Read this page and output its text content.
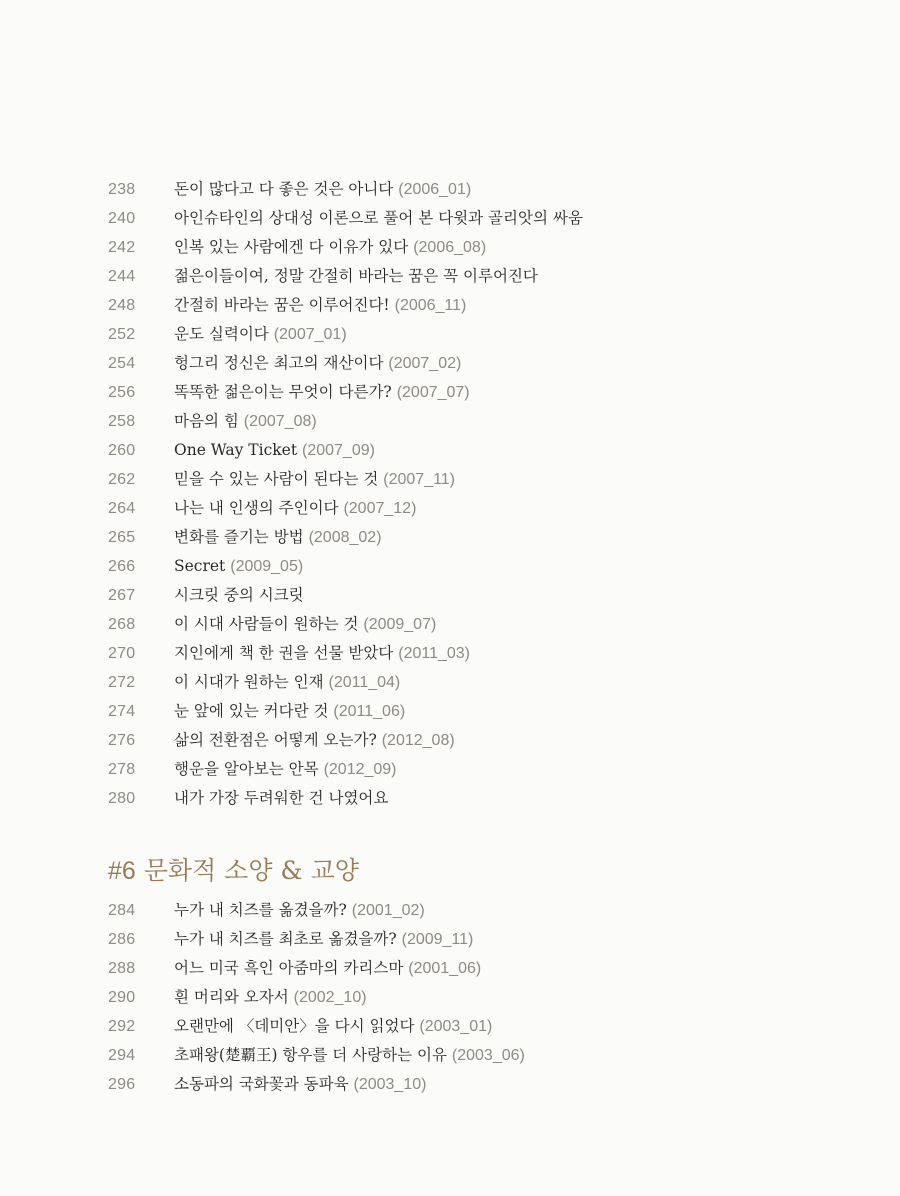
238	돈이 많다고 다 좋은 것은 아니다 (2006_01)
240	아인슈타인의 상대성 이론으로 풀어 본 다윗과 골리앗의 싸움
242	인복 있는 사람에겐 다 이유가 있다 (2006_08)
244	젊은이들이여, 정말 간절히 바라는 꿈은 꼭 이루어진다
248	간절히 바라는 꿈은 이루어진다! (2006_11)
252	운도 실력이다 (2007_01)
254	헝그리 정신은 최고의 재산이다 (2007_02)
256	똑똑한 젊은이는 무엇이 다른가? (2007_07)
258	마음의 힘 (2007_08)
260	One Way Ticket (2007_09)
262	믿을 수 있는 사람이 된다는 것 (2007_11)
264	나는 내 인생의 주인이다 (2007_12)
265	변화를 즐기는 방법 (2008_02)
266	Secret (2009_05)
267	시크릿 중의 시크릿
268	이 시대 사람들이 원하는 것 (2009_07)
270	지인에게 책 한 권을 선물 받았다 (2011_03)
272	이 시대가 원하는 인재 (2011_04)
274	눈 앞에 있는 커다란 것 (2011_06)
276	삶의 전환점은 어떻게 오는가? (2012_08)
278	행운을 알아보는 안목 (2012_09)
280	내가 가장 두려워한 건 나였어요
#6 문화적 소양 & 교양
284	누가 내 치즈를 옮겼을까? (2001_02)
286	누가 내 치즈를 최초로 옮겼을까? (2009_11)
288	어느 미국 흑인 아줌마의 카리스마 (2001_06)
290	흰 머리와 오자서 (2002_10)
292	오랜만에 〈데미안〉을 다시 읽었다 (2003_01)
294	초패왕(楚覇王) 항우를 더 사랑하는 이유 (2003_06)
296	소동파의 국화꽃과 동파육 (2003_10)
